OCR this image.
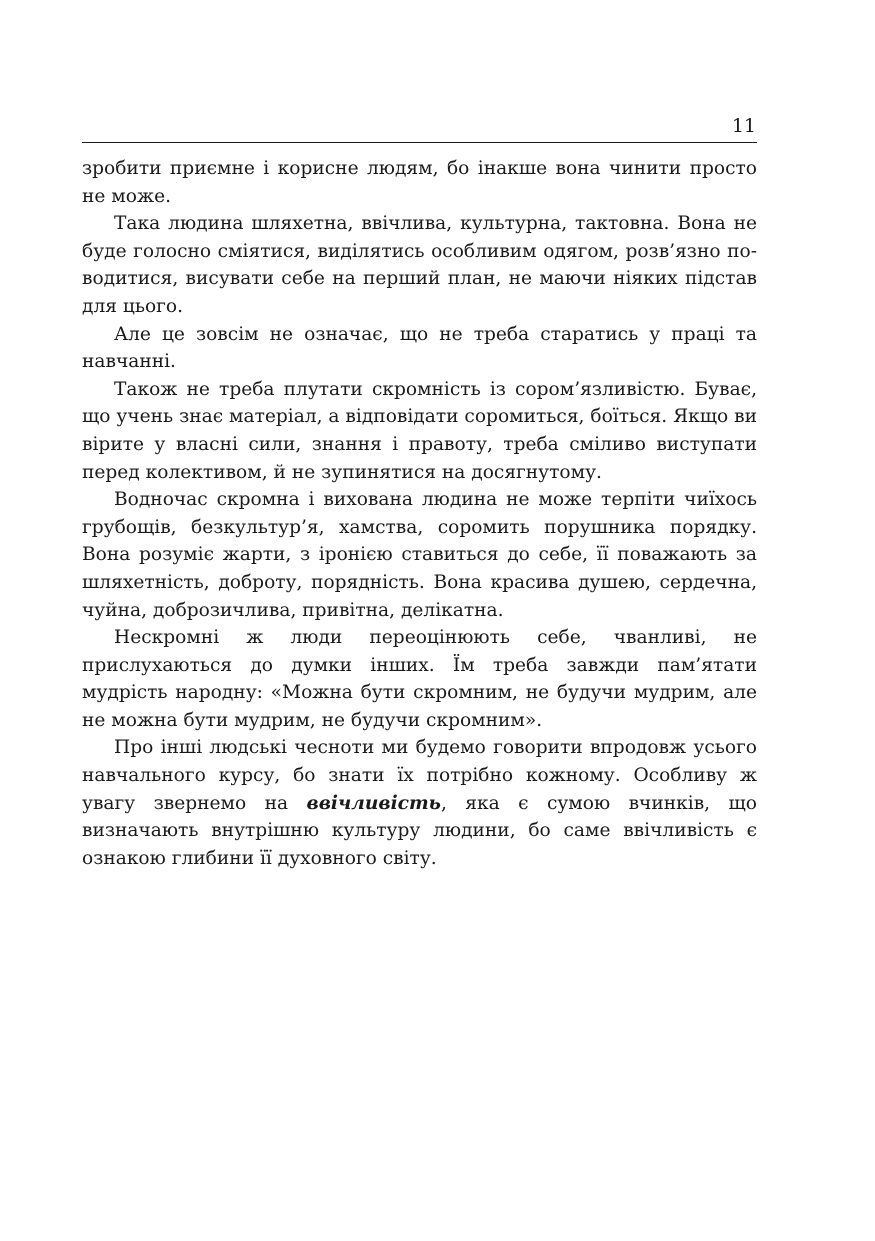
11

зробити приємне і корисне людям, бо інакше вона чинити просто не може.

Така людина шляхетна, ввічлива, культурна, тактовна. Вона не буде голосно сміятися, виділятись особливим одягом, розв’язно поводитися, висувати себе на перший план, не маючи ніяких підстав для цього.

Але це зовсім не означає, що не треба старатись у праці та навчанні.

Також не треба плутати скромність із сором’язливістю. Буває, що учень знає матеріал, а відповідати соромиться, боїться. Якщо ви вірите у власні сили, знання і правоту, треба сміливо виступати перед колективом, й не зупинятися на досягнутому.

Водночас скромна і вихована людина не може терпіти чиїхось грубощів, безкультур’я, хамства, соромить порушника порядку. Вона розуміє жарти, з іронією ставиться до себе, її поважають за шляхетність, доброту, порядність. Вона красива душею, сердечна, чуйна, доброзичлива, привітна, делікатна.

Нескромні ж люди переоцінюють себе, чванливі, не прислухаються до думки інших. Їм треба завжди пам’ятати мудрість народну: «Можна бути скромним, не будучи мудрим, але не можна бути мудрим, не будучи скромним».

Про інші людські чесноти ми будемо говорити впродовж усього навчального курсу, бо знати їх потрібно кожному. Особливу ж увагу звернемо на ввічливість, яка є сумою вчинків, що визначають внутрішню культуру людини, бо саме ввічливість є ознакою глибини її духовного світу.
